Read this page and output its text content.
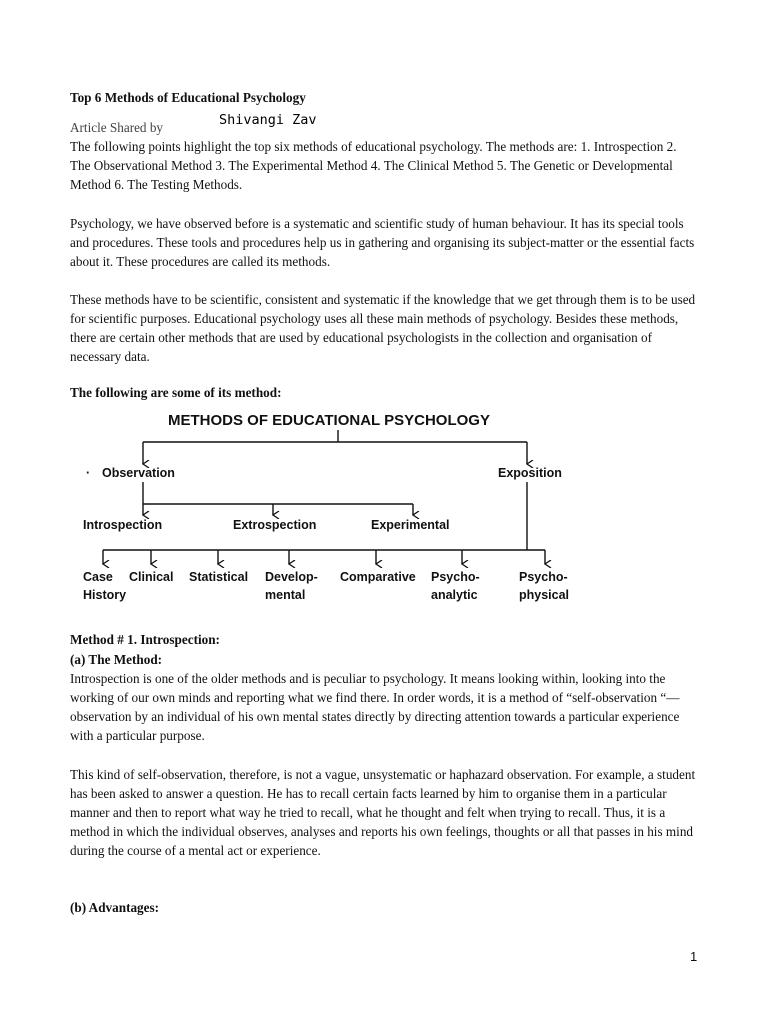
Top 6 Methods of Educational Psychology
Article Shared by	Shivangi Zav
The following points highlight the top six methods of educational psychology. The methods are: 1. Introspection 2. The Observational Method 3. The Experimental Method 4. The Clinical Method 5. The Genetic or Developmental Method 6. The Testing Methods.
Psychology, we have observed before is a systematic and scientific study of human behaviour. It has its special tools and procedures. These tools and procedures help us in gathering and organising its subject-matter or the essential facts about it. These procedures are called its methods.
These methods have to be scientific, consistent and systematic if the knowledge that we get through them is to be used for scientific purposes. Educational psychology uses all these main methods of psychology. Besides these methods, there are certain other methods that are used by educational psychologists in the collection and organisation of necessary data.
The following are some of its method:
METHODS OF EDUCATIONAL PSYCHOLOGY
· Observation	Exposition
Introspection	Extrospection	Experimental
Case
History
Clinical Statistical Develop-
mental
Comparative Psycho-
analytic
Psycho-
physical
Method # 1. Introspection:
(a) The Method:
Introspection is one of the older methods and is peculiar to psychology. It means looking within, looking into the working of our own minds and reporting what we find there. In order words, it is a method of “self-observation “— observation by an individual of his own mental states directly by directing attention towards a particular experience with a particular purpose.
This kind of self-observation, therefore, is not a vague, unsystematic or haphazard observation. For example, a student has been asked to answer a question. He has to recall certain facts learned by him to organise them in a particular manner and then to report what way he tried to recall, what he thought and felt when trying to recall. Thus, it is a method in which the individual observes, analyses and reports his own feelings, thoughts or all that passes in his mind during the course of a mental act or experience.
(b) Advantages:
1
